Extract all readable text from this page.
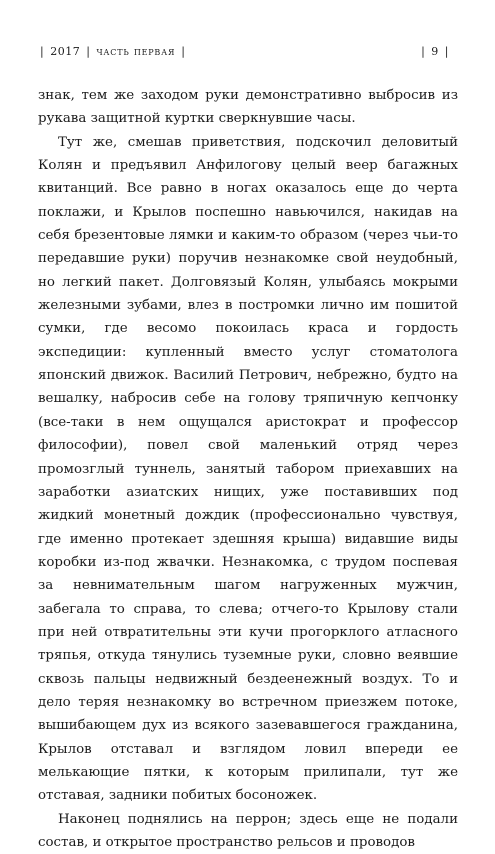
| 2017 | часть первая |	| 9 |

знак, тем же заходом руки демонстративно выбросив из рукава защитной куртки сверкнувшие часы.

Тут же, смешав приветствия, подскочил деловитый Колян и предъявил Анфилогову целый веер багажных квитанций. Все равно в ногах оказалось еще до черта поклажи, и Крылов поспешно навьючился, накидав на себя брезентовые лямки и каким-то образом (через чьи-то передавшие руки) поручив незнакомке свой неудобный, но легкий пакет. Долговязый Колян, улыбаясь мокрыми железными зубами, влез в постромки лично им пошитой сумки, где весомо покоилась краса и гордость экспедиции: купленный вместо услуг стоматолога японский движок. Василий Петрович, небрежно, будто на вешалку, набросив себе на голову тряпичную кепчонку (все-таки в нем ощущался аристократ и профессор философии), повел свой маленький отряд через промозглый туннель, занятый табором приехавших на заработки азиатских нищих, уже поставивших под жидкий монетный дождик (профессионально чувствуя, где именно протекает здешняя крыша) видавшие виды коробки из-под жвачки. Незнакомка, с трудом поспевая за невнимательным шагом нагруженных мужчин, забегала то справа, то слева; отчего-то Крылову стали при ней отвратительны эти кучи прогорклого атласного тряпья, откуда тянулись туземные руки, словно веявшие сквозь пальцы недвижный бездеенежный воздух. То и дело теряя незнакомку во встречном приезжем потоке, вышибающем дух из всякого зазевавшегося гражданина, Крылов отставал и взглядом ловил впереди ее мелькающие пятки, к которым прилипали, тут же отставая, задники побитых босоножек.

Наконец поднялись на перрон; здесь еще не подали состав, и открытое пространство рельсов и проводов
